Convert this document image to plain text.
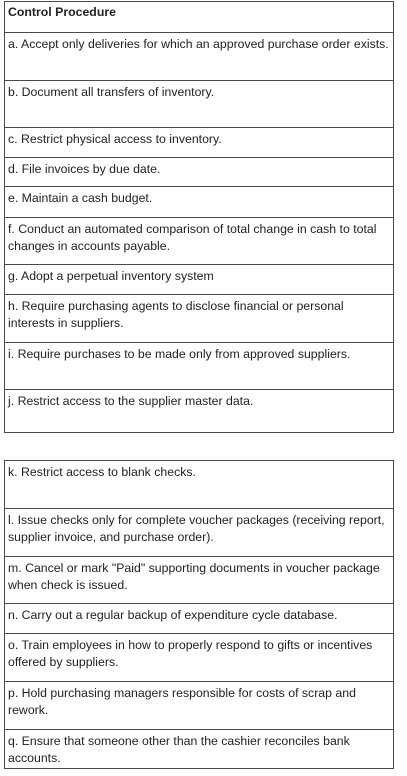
Control Procedure
a. Accept only deliveries for which an approved purchase order exists.
b. Document all transfers of inventory.
c. Restrict physical access to inventory.
d. File invoices by due date.
e. Maintain a cash budget.
f. Conduct an automated comparison of total change in cash to total changes in accounts payable.
g. Adopt a perpetual inventory system
h. Require purchasing agents to disclose financial or personal interests in suppliers.
i. Require purchases to be made only from approved suppliers.
j. Restrict access to the supplier master data.
k. Restrict access to blank checks.
l. Issue checks only for complete voucher packages (receiving report, supplier invoice, and purchase order).
m. Cancel or mark "Paid" supporting documents in voucher package when check is issued.
n. Carry out a regular backup of expenditure cycle database.
o. Train employees in how to properly respond to gifts or incentives offered by suppliers.
p. Hold purchasing managers responsible for costs of scrap and rework.
q. Ensure that someone other than the cashier reconciles bank accounts.
